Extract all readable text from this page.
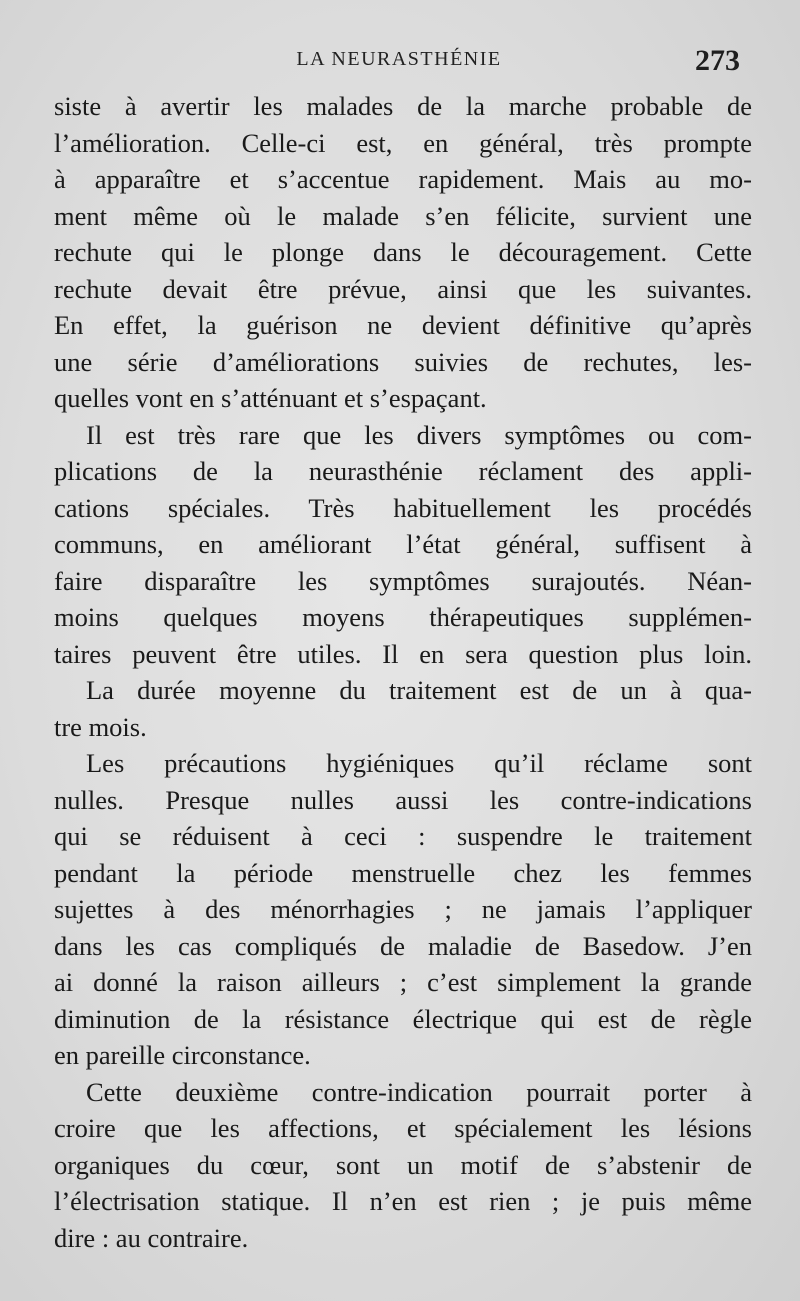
LA NEURASTHÉNIE	273
siste à avertir les malades de la marche probable de
l’amélioration. Celle-ci est, en général, très prompte
à apparaître et s’accentue rapidement. Mais au mo-
ment même où le malade s’en félicite, survient une
rechute qui le plonge dans le découragement. Cette
rechute devait être prévue, ainsi que les suivantes.
En effet, la guérison ne devient définitive qu’après
une série d’améliorations suivies de rechutes, les-
quelles vont en s’atténuant et s’espaçant.
Il est très rare que les divers symptômes ou com-
plications de la neurasthénie réclament des appli-
cations spéciales. Très habituellement les procédés
communs, en améliorant l’état général, suffisent à
faire disparaître les symptômes surajoutés. Néan-
moins quelques moyens thérapeutiques supplémen-
taires peuvent être utiles. Il en sera question plus loin.
La durée moyenne du traitement est de un à qua-
tre mois.
Les précautions hygiéniques qu’il réclame sont
nulles. Presque nulles aussi les contre-indications
qui se réduisent à ceci : suspendre le traitement
pendant la période menstruelle chez les femmes
sujettes à des ménorrhagies ; ne jamais l’appliquer
dans les cas compliqués de maladie de Basedow. J’en
ai donné la raison ailleurs ; c’est simplement la grande
diminution de la résistance électrique qui est de règle
en pareille circonstance.
Cette deuxième contre-indication pourrait porter à
croire que les affections, et spécialement les lésions
organiques du cœur, sont un motif de s’abstenir de
l’électrisation statique. Il n’en est rien ; je puis même
dire : au contraire.
